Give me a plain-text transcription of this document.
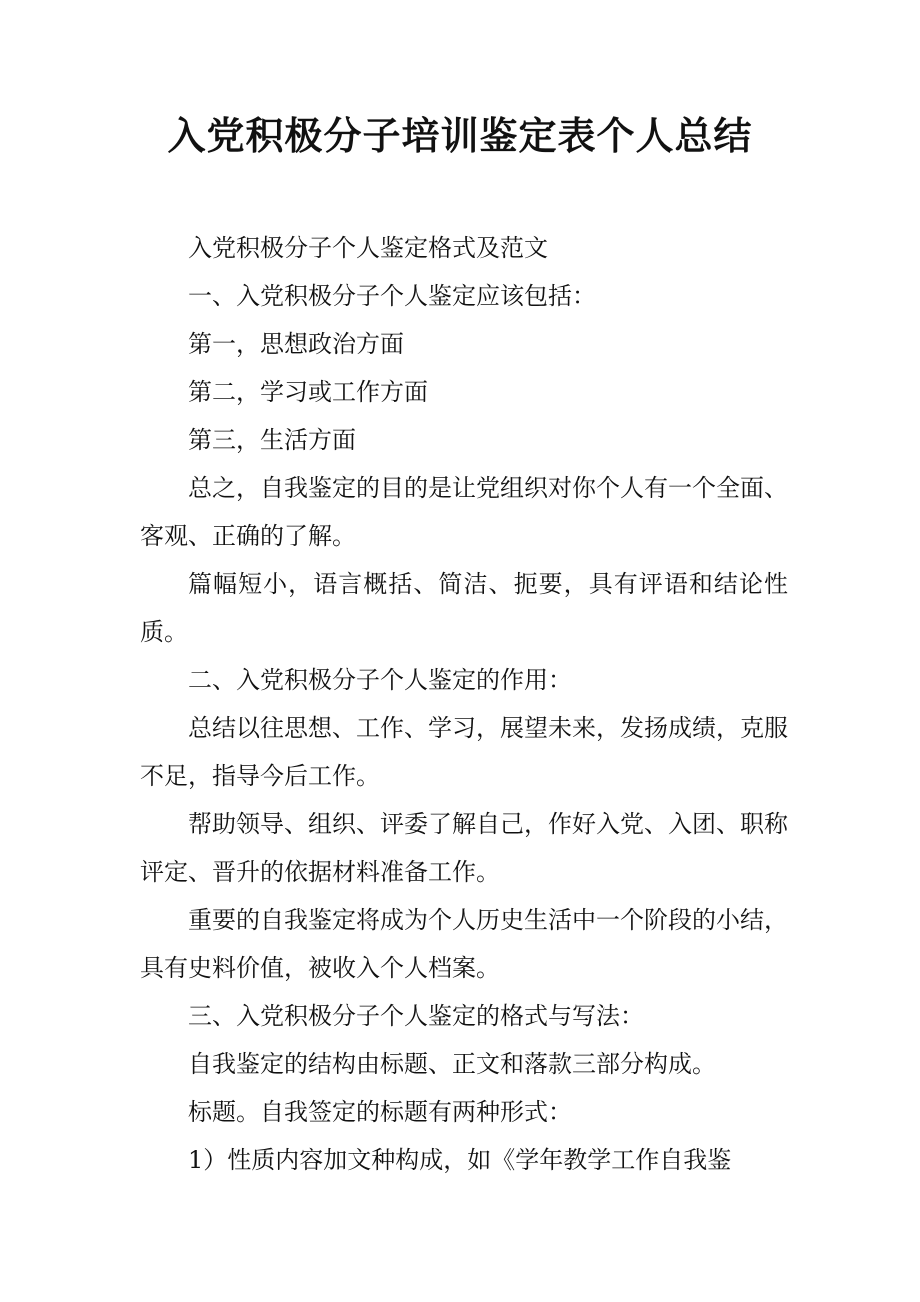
入党积极分子培训鉴定表个人总结

入党积极分子个人鉴定格式及范文

一、入党积极分子个人鉴定应该包括：

第一，思想政治方面

第二，学习或工作方面

第三，生活方面

总之，自我鉴定的目的是让党组织对你个人有一个全面、客观、正确的了解。

篇幅短小，语言概括、简洁、扼要，具有评语和结论性质。

二、入党积极分子个人鉴定的作用：

总结以往思想、工作、学习，展望未来，发扬成绩，克服不足，指导今后工作。

帮助领导、组织、评委了解自己，作好入党、入团、职称评定、晋升的依据材料准备工作。

重要的自我鉴定将成为个人历史生活中一个阶段的小结，具有史料价值，被收入个人档案。

三、入党积极分子个人鉴定的格式与写法：

自我鉴定的结构由标题、正文和落款三部分构成。

标题。自我签定的标题有两种形式：

1）性质内容加文种构成，如《学年教学工作自我鉴
